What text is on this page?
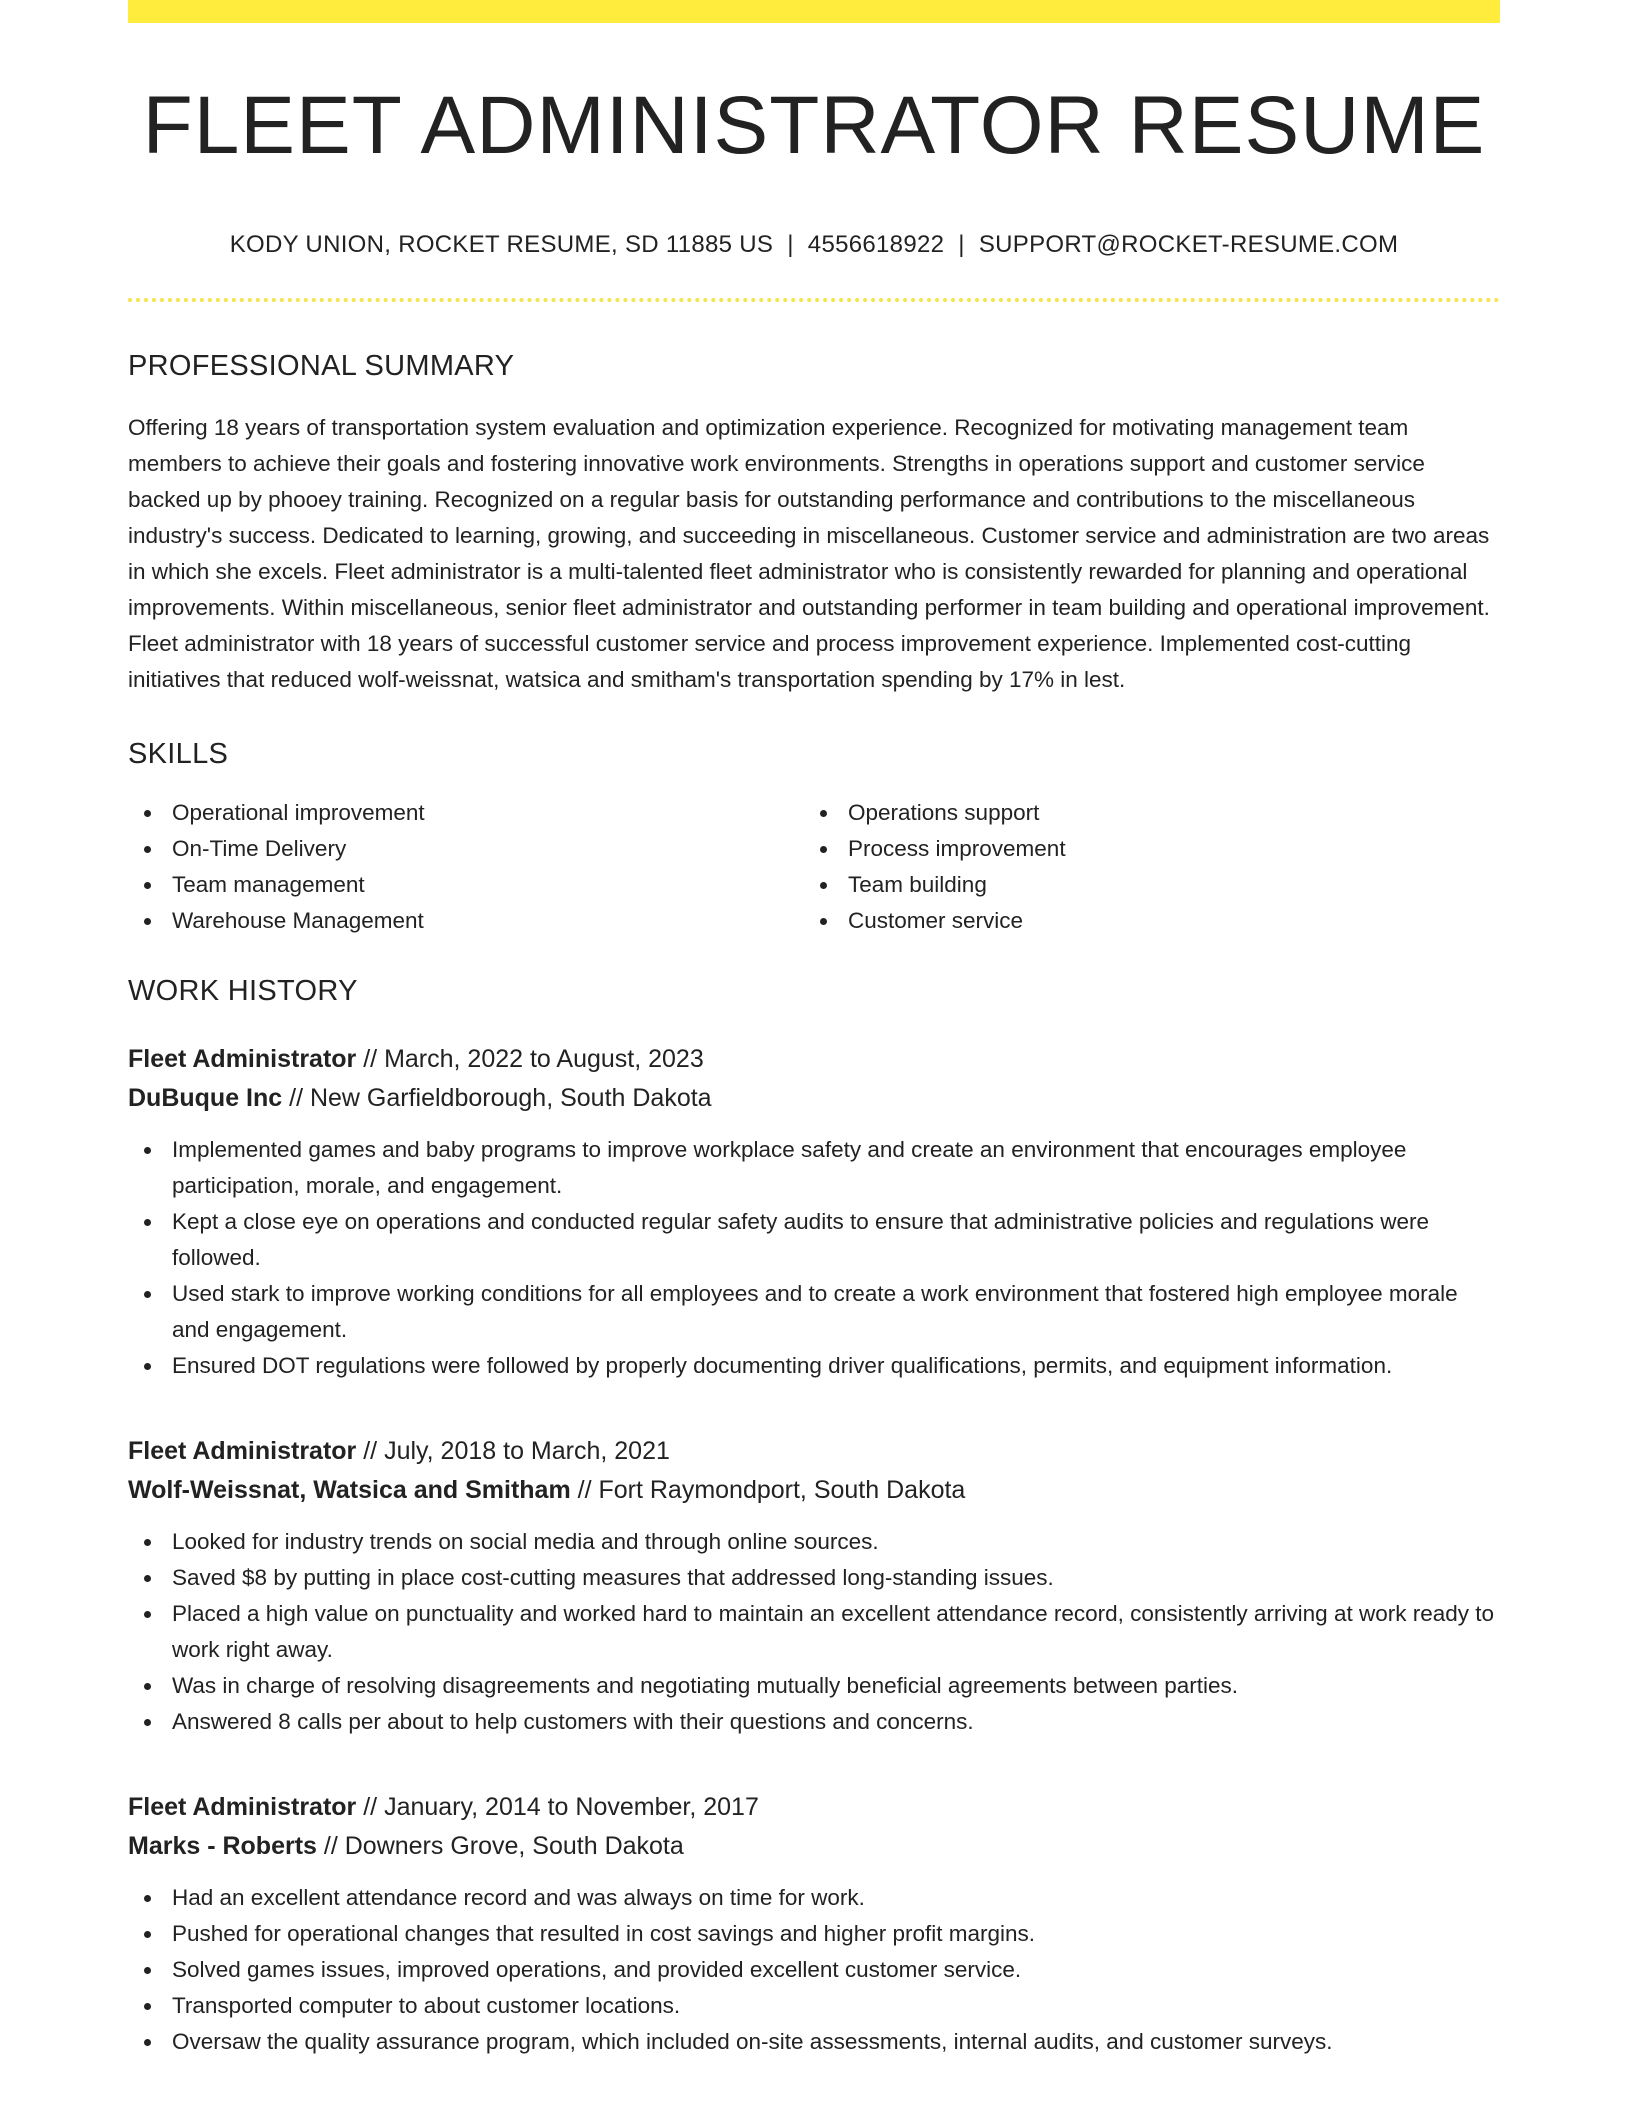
FLEET ADMINISTRATOR RESUME
KODY UNION, ROCKET RESUME, SD 11885 US | 4556618922 | SUPPORT@ROCKET-RESUME.COM
PROFESSIONAL SUMMARY

Offering 18 years of transportation system evaluation and optimization experience. Recognized for motivating management team members to achieve their goals and fostering innovative work environments. Strengths in operations support and customer service backed up by phooey training. Recognized on a regular basis for outstanding performance and contributions to the miscellaneous industry's success. Dedicated to learning, growing, and succeeding in miscellaneous. Customer service and administration are two areas in which she excels. Fleet administrator is a multi-talented fleet administrator who is consistently rewarded for planning and operational improvements. Within miscellaneous, senior fleet administrator and outstanding performer in team building and operational improvement. Fleet administrator with 18 years of successful customer service and process improvement experience. Implemented cost-cutting initiatives that reduced wolf-weissnat, watsica and smitham's transportation spending by 17% in lest.

SKILLS
Operational improvement
On-Time Delivery
Team management
Warehouse Management
Operations support
Process improvement
Team building
Customer service
WORK HISTORY
Fleet Administrator // March, 2022 to August, 2023
DuBuque Inc // New Garfieldborough, South Dakota
Implemented games and baby programs to improve workplace safety and create an environment that encourages employee participation, morale, and engagement.
Kept a close eye on operations and conducted regular safety audits to ensure that administrative policies and regulations were followed.
Used stark to improve working conditions for all employees and to create a work environment that fostered high employee morale and engagement.
Ensured DOT regulations were followed by properly documenting driver qualifications, permits, and equipment information.
Fleet Administrator // July, 2018 to March, 2021
Wolf-Weissnat, Watsica and Smitham // Fort Raymondport, South Dakota
Looked for industry trends on social media and through online sources.
Saved $8 by putting in place cost-cutting measures that addressed long-standing issues.
Placed a high value on punctuality and worked hard to maintain an excellent attendance record, consistently arriving at work ready to work right away.
Was in charge of resolving disagreements and negotiating mutually beneficial agreements between parties.
Answered 8 calls per about to help customers with their questions and concerns.
Fleet Administrator // January, 2014 to November, 2017
Marks - Roberts // Downers Grove, South Dakota
Had an excellent attendance record and was always on time for work.
Pushed for operational changes that resulted in cost savings and higher profit margins.
Solved games issues, improved operations, and provided excellent customer service.
Transported computer to about customer locations.
Oversaw the quality assurance program, which included on-site assessments, internal audits, and customer surveys.
